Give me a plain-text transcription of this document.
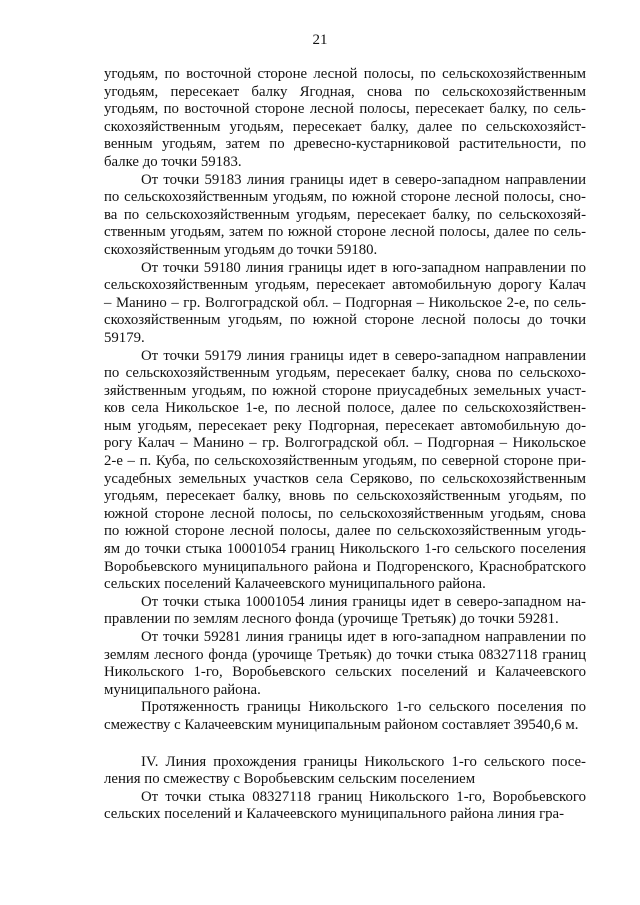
21

угодьям, по восточной стороне лесной полосы, по сельскохозяйственным
угодьям, пересекает балку Ягодная, снова по сельскохозяйственным
угодьям, по восточной стороне лесной полосы, пересекает балку, по сель-
скохозяйственным угодьям, пересекает балку, далее по сельскохозяйст-
венным угодьям, затем по древесно-кустарниковой растительности, по
балке до точки 59183.

От точки 59183 линия границы идет в северо-западном направлении
по сельскохозяйственным угодьям, по южной стороне лесной полосы, сно-
ва по сельскохозяйственным угодьям, пересекает балку, по сельскохозяй-
ственным угодьям, затем по южной стороне лесной полосы, далее по сель-
скохозяйственным угодьям до точки 59180.

От точки 59180 линия границы идет в юго-западном направлении по
сельскохозяйственным угодьям, пересекает автомобильную дорогу Калач
– Манино – гр. Волгоградской обл. – Подгорная – Никольское 2-е, по сель-
скохозяйственным угодьям, по южной стороне лесной полосы до точки
59179.

От точки 59179 линия границы идет в северо-западном направлении
по сельскохозяйственным угодьям, пересекает балку, снова по сельскохо-
зяйственным угодьям, по южной стороне приусадебных земельных участ-
ков села Никольское 1-е, по лесной полосе, далее по сельскохозяйствен-
ным угодьям, пересекает реку Подгорная, пересекает автомобильную до-
рогу Калач – Манино – гр. Волгоградской обл. – Подгорная – Никольское
2-е – п. Куба, по сельскохозяйственным угодьям, по северной стороне при-
усадебных земельных участков села Серяково, по сельскохозяйственным
угодьям, пересекает балку, вновь по сельскохозяйственным угодьям, по
южной стороне лесной полосы, по сельскохозяйственным угодьям, снова
по южной стороне лесной полосы, далее по сельскохозяйственным угодь-
ям до точки стыка 10001054 границ Никольского 1-го сельского поселения
Воробьевского муниципального района и Подгоренского, Краснобратского
сельских поселений Калачеевского муниципального района.

От точки стыка 10001054 линия границы идет в северо-западном на-
правлении по землям лесного фонда (урочище Третьяк) до точки 59281.

От точки 59281 линия границы идет в юго-западном направлении по
землям лесного фонда (урочище Третьяк) до точки стыка 08327118 границ
Никольского 1-го, Воробьевского сельских поселений и Калачеевского
муниципального района.

Протяженность границы Никольского 1-го сельского поселения по
смежеству с Калачеевским муниципальным районом составляет 39540,6 м.

IV. Линия прохождения границы Никольского 1-го сельского посе-
ления по смежеству с Воробьевским сельским поселением

От точки стыка 08327118 границ Никольского 1-го, Воробьевского
сельских поселений и Калачеевского муниципального района линия гра-
